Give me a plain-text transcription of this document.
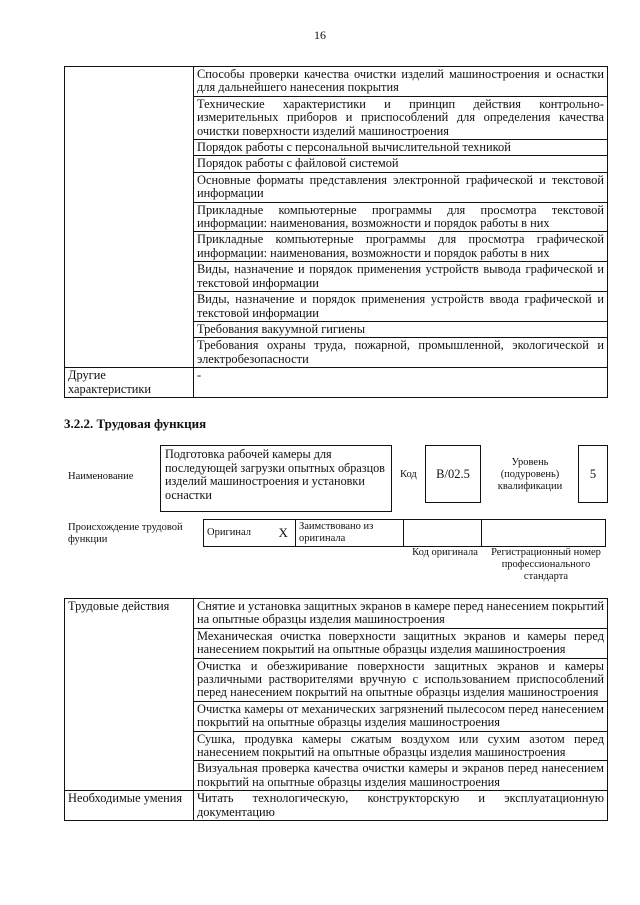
16
	Способы проверки качества очистки изделий машиностроения и оснастки для дальнейшего нанесения покрытия
	Технические характеристики и принцип действия контрольно-измерительных приборов и приспособлений для определения качества очистки поверхности изделий машиностроения
	Порядок работы с персональной вычислительной техникой
	Порядок работы с файловой системой
	Основные форматы представления электронной графической и текстовой информации
	Прикладные компьютерные программы для просмотра текстовой информации: наименования, возможности и порядок работы в них
	Прикладные компьютерные программы для просмотра графической информации: наименования, возможности и порядок работы в них
	Виды, назначение и порядок применения устройств вывода графической и текстовой информации
	Виды, назначение и порядок применения устройств ввода графической и текстовой информации
	Требования вакуумной гигиены
	Требования охраны труда, пожарной, промышленной, экологической и электробезопасности
Другие характеристики	-
3.2.2. Трудовая функция
Наименование
Подготовка рабочей камеры для последующей загрузки опытных образцов изделий машиностроения и установки оснастки
Код	В/02.5
Уровень (подуровень) квалификации
5
Происхождение трудовой функции
Оригинал	X	Заимствовано из оригинала		
Код оригинала	Регистрационный номер профессионального стандарта
Трудовые действия	Снятие и установка защитных экранов в камере перед нанесением покрытий на опытные образцы изделия машиностроения
	Механическая очистка поверхности защитных экранов и камеры перед нанесением покрытий на опытные образцы изделия машиностроения
	Очистка и обезжиривание поверхности защитных экранов и камеры различными растворителями вручную с использованием приспособлений перед нанесением покрытий на опытные образцы изделия машиностроения
	Очистка камеры от механических загрязнений пылесосом перед нанесением покрытий на опытные образцы изделия машиностроения
	Сушка, продувка камеры сжатым воздухом или сухим азотом перед нанесением покрытий на опытные образцы изделия машиностроения
	Визуальная проверка качества очистки камеры и экранов перед нанесением покрытий на опытные образцы изделия машиностроения
Необходимые умения	Читать технологическую, конструкторскую и эксплуатационную документацию
